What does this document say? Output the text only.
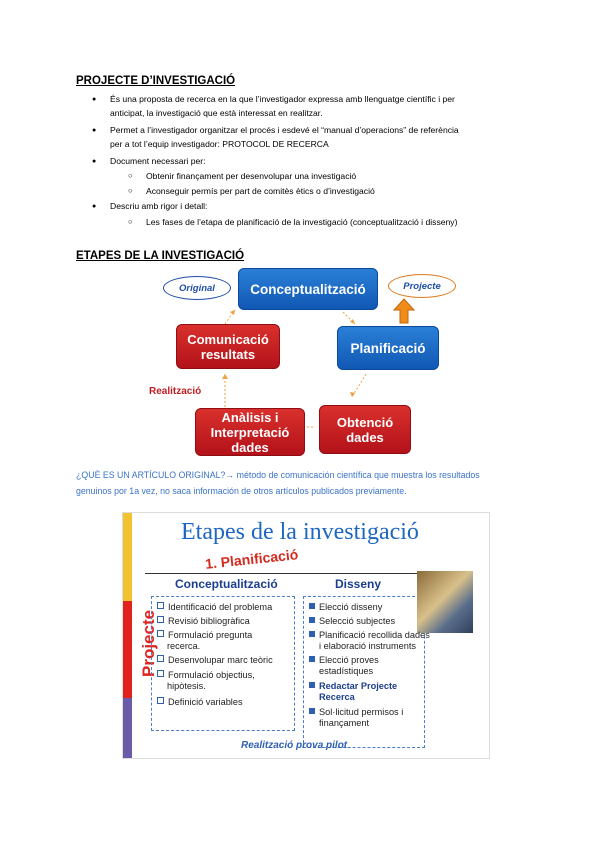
PROJECTE D’INVESTIGACIÓ
● És una proposta de recerca en la que l’investigador expressa amb llenguatge científic i per
anticipat, la investigació que està interessat en realitzar.
● Permet a l’investigador organitzar el procés i esdevé el “manual d’operacions” de referència
per a tot l’equip investigador: PROTOCOL DE RECERCA
● Document necessari per:
○ Obtenir finançament per desenvolupar una investigació
○ Aconseguir permís per part de comitès ètics o d’investigació
● Descriu amb rigor i detall:
○ Les fases de l’etapa de planificació de la investigació (conceptualització i disseny)
ETAPES DE LA INVESTIGACIÓ
Original	Projecte
Conceptualització
Planificació
Obtenció dades
Anàlisis i Interpretació dades
Comunicació resultats
Realització
¿QUÈ ES UN ARTÍCULO ORIGINAL?→ método de comunicación científica que muestra los resultados
genuinos por 1a vez, no saca información de otros artículos publicados previamente.
Projecte
Etapes de la investigació
1. Planificació
Conceptualització	Disseny
Identificació del problema
Revisió bibliogràfica
Formulació pregunta
recerca.
Desenvolupar marc teòric
Formulació objectius,
hipòtesis.
Definició variables
Elecció disseny
Selecció subjectes
Planificació recollida dades
i elaboració instruments
Elecció proves
estadístiques
Redactar Projecte
Recerca
Sol·licitud permisos i
finançament
Realització prova pilot
